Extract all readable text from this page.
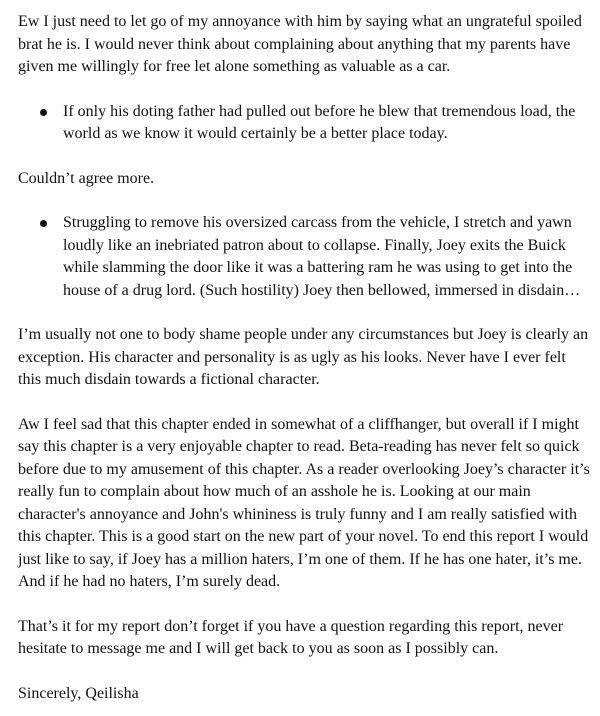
Ew I just need to let go of my annoyance with him by saying what an ungrateful spoiled brat he is. I would never think about complaining about anything that my parents have given me willingly for free let alone something as valuable as a car.

If only his doting father had pulled out before he blew that tremendous load, the world as we know it would certainly be a better place today.

Couldn’t agree more.

Struggling to remove his oversized carcass from the vehicle, I stretch and yawn loudly like an inebriated patron about to collapse. Finally, Joey exits the Buick while slamming the door like it was a battering ram he was using to get into the house of a drug lord. (Such hostility) Joey then bellowed, immersed in disdain…

I’m usually not one to body shame people under any circumstances but Joey is clearly an exception. His character and personality is as ugly as his looks. Never have I ever felt this much disdain towards a fictional character.

Aw I feel sad that this chapter ended in somewhat of a cliffhanger, but overall if I might say this chapter is a very enjoyable chapter to read. Beta-reading has never felt so quick before due to my amusement of this chapter. As a reader overlooking Joey’s character it’s really fun to complain about how much of an asshole he is. Looking at our main character's annoyance and John's whininess is truly funny and I am really satisfied with this chapter. This is a good start on the new part of your novel. To end this report I would just like to say, if Joey has a million haters, I’m one of them. If he has one hater, it’s me. And if he had no haters, I’m surely dead.

That’s it for my report don’t forget if you have a question regarding this report, never hesitate to message me and I will get back to you as soon as I possibly can.

Sincerely, Qeilisha
